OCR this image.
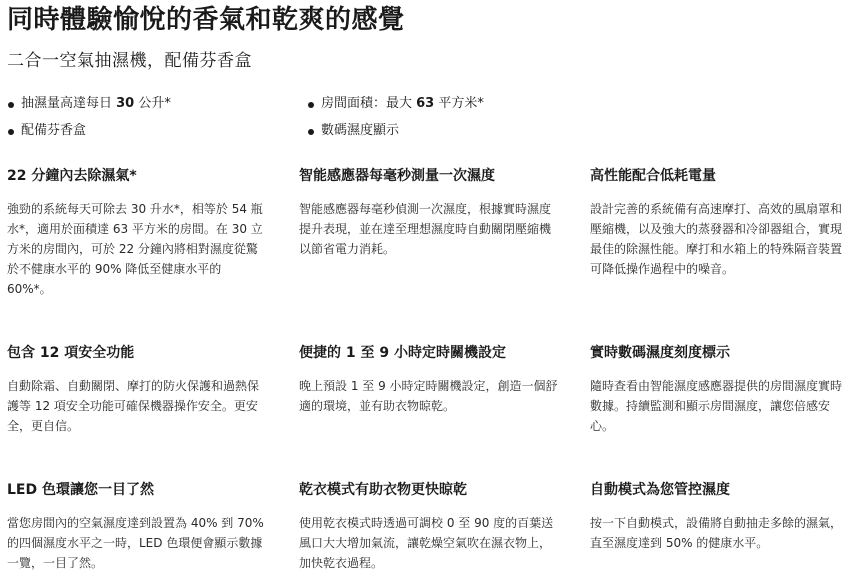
同時體驗愉悅的香氣和乾爽的感覺
二合一空氣抽濕機，配備芬香盒
抽濕量高達每日 30 公升*	房間面積：最大 63 平方米*
配備芬香盒	數碼濕度顯示
22 分鐘內去除濕氣*

強勁的系統每天可除去 30 升水*，相等於 54 瓶水*，適用於面積達 63 平方米的房間。在 30 立方米的房間內，可於 22 分鐘內將相對濕度從驚於不健康水平的 90% 降低至健康水平的 60%*。

智能感應器每毫秒測量一次濕度

智能感應器每毫秒偵測一次濕度，根據實時濕度提升表現，並在達至理想濕度時自動關閉壓縮機以節省電力消耗。

高性能配合低耗電量

設計完善的系統備有高速摩打、高效的風扇罩和壓縮機，以及強大的蒸發器和冷卻器組合，實現最佳的除濕性能。摩打和水箱上的特殊隔音裝置可降低操作過程中的噪音。

包含 12 項安全功能

自動除霜、自動關閉、摩打的防火保護和過熱保護等 12 項安全功能可確保機器操作安全。更安全，更自信。

便捷的 1 至 9 小時定時關機設定

晚上預設 1 至 9 小時定時關機設定，創造一個舒適的環境，並有助衣物晾乾。

實時數碼濕度刻度標示

隨時查看由智能濕度感應器提供的房間濕度實時數據。持續監測和顯示房間濕度，讓您倍感安心。

LED 色環讓您一目了然

當您房間內的空氣濕度達到設置為 40% 到 70% 的四個濕度水平之一時，LED 色環便會顯示數據一覽，一目了然。

乾衣模式有助衣物更快晾乾

使用乾衣模式時透過可調校 0 至 90 度的百葉送風口大大增加氣流，讓乾燥空氣吹在濕衣物上，加快乾衣過程。

自動模式為您管控濕度

按一下自動模式，設備將自動抽走多餘的濕氣，直至濕度達到 50% 的健康水平。
